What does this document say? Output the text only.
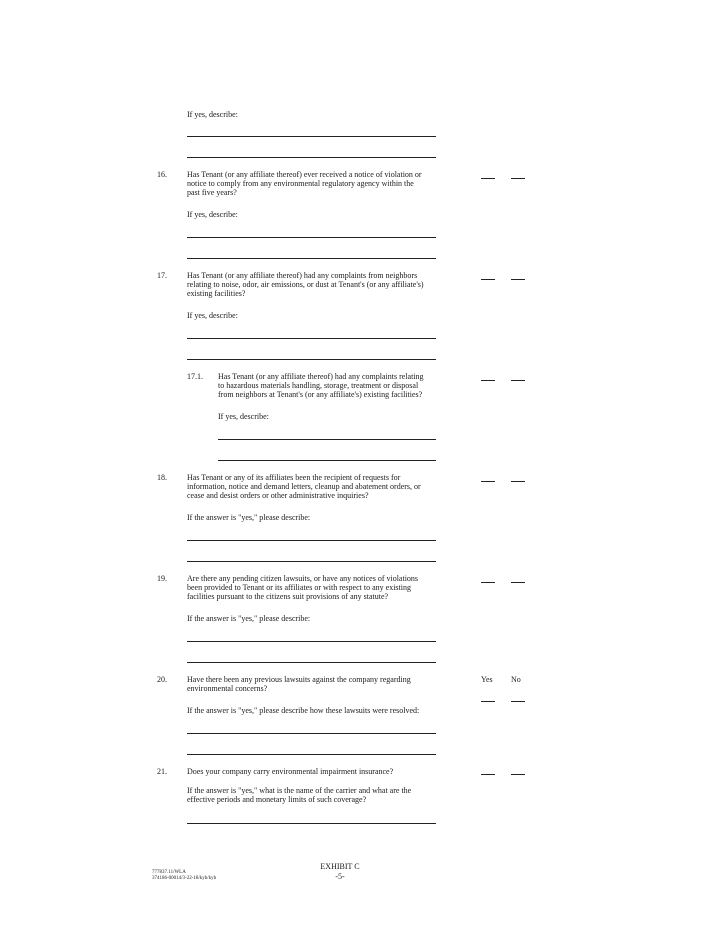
If yes, describe:
16.	Has Tenant (or any affiliate thereof) ever received a notice of violation or
notice to comply from any environmental regulatory agency within the
past five years?
If yes, describe:
17.	Has Tenant (or any affiliate thereof) had any complaints from neighbors
relating to noise, odor, air emissions, or dust at Tenant's (or any affiliate's)
existing facilities?
If yes, describe:
17.1. Has Tenant (or any affiliate thereof) had any complaints relating
to hazardous materials handling, storage, treatment or disposal
from neighbors at Tenant's (or any affiliate's) existing facilities?
If yes, describe:
18.	Has Tenant or any of its affiliates been the recipient of requests for
information, notice and demand letters, cleanup and abatement orders, or
cease and desist orders or other administrative inquiries?
If the answer is "yes," please describe:
19.	Are there any pending citizen lawsuits, or have any notices of violations
been provided to Tenant or its affiliates or with respect to any existing
facilities pursuant to the citizens suit provisions of any statute?
If the answer is "yes," please describe:
20.	Have there been any previous lawsuits against the company regarding
environmental concerns?
Yes No
If the answer is "yes," please describe how these lawsuits were resolved:
21.	Does your company carry environmental impairment insurance?
If the answer is "yes," what is the name of the carrier and what are the
effective periods and monetary limits of such coverage?
777837.11/WLA
374186-00014/3-22-18/kyh/kyh
EXHIBIT C
-5-
